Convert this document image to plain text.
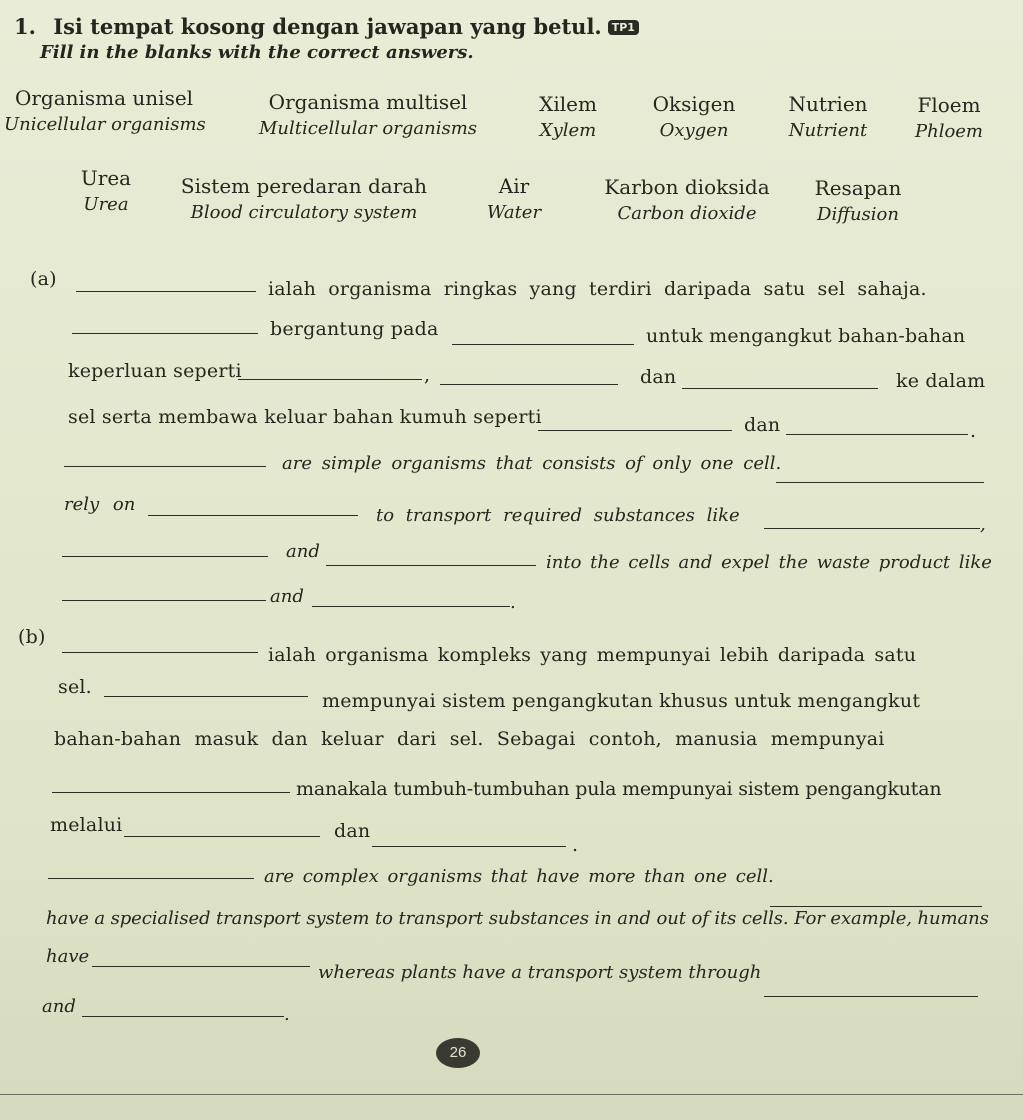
1. Isi tempat kosong dengan jawapan yang betul. TP1
Fill in the blanks with the correct answers.
Organisma unisel
Unicellular organisms
Organisma multisel
Multicellular organisms
Xilem
Xylem
Oksigen
Oxygen
Nutrien
Nutrient
Floem
Phloem
Urea
Urea
Sistem peredaran darah
Blood circulatory system
Air
Water
Karbon dioksida
Carbon dioxide
Resapan
Diffusion
(a)	ialah organisma ringkas yang terdiri daripada satu sel sahaja.
bergantung pada	untuk mengangkut bahan-bahan
keperluan seperti	,	dan	ke dalam
sel serta membawa keluar bahan kumuh seperti	dan	.
are simple organisms that consists of only one cell.
rely on
to transport required substances like	,
and
into the cells and expel the waste product like
and	.
(b)
ialah organisma kompleks yang mempunyai lebih daripada satu
sel.
mempunyai sistem pengangkutan khusus untuk mengangkut
bahan-bahan masuk dan keluar dari sel. Sebagai contoh, manusia mempunyai
manakala tumbuh-tumbuhan pula mempunyai sistem pengangkutan
melalui	dan
.
are complex organisms that have more than one cell.
have a specialised transport system to transport substances in and out of its cells. For example, humans
have
whereas plants have a transport system through
and	.
26
